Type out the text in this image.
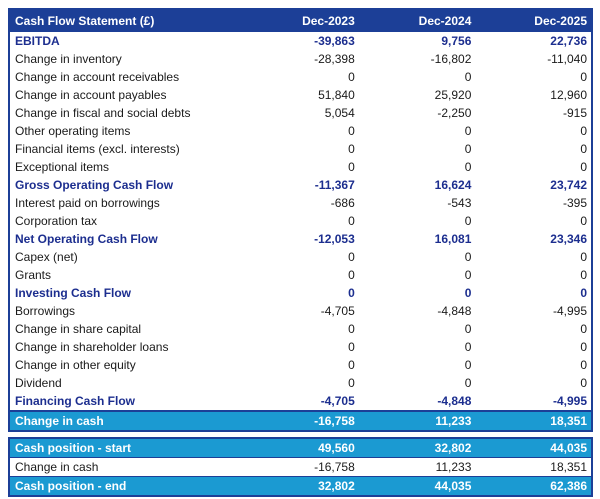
Cash Flow Statement (£)	Dec-2023	Dec-2024	Dec-2025
EBITDA	-39,863	9,756	22,736
Change in inventory	-28,398	-16,802	-11,040
Change in account receivables	0	0	0
Change in account payables	51,840	25,920	12,960
Change in fiscal and social debts	5,054	-2,250	-915
Other operating items	0	0	0
Financial items (excl. interests)	0	0	0
Exceptional items	0	0	0
Gross Operating Cash Flow	-11,367	16,624	23,742
Interest paid on borrowings	-686	-543	-395
Corporation tax	0	0	0
Net Operating Cash Flow	-12,053	16,081	23,346
Capex (net)	0	0	0
Grants	0	0	0
Investing Cash Flow	0	0	0
Borrowings	-4,705	-4,848	-4,995
Change in share capital	0	0	0
Change in shareholder loans	0	0	0
Change in other equity	0	0	0
Dividend	0	0	0
Financing Cash Flow	-4,705	-4,848	-4,995
Change in cash	-16,758	11,233	18,351
Cash position - start	49,560	32,802	44,035
Change in cash	-16,758	11,233	18,351
Cash position - end	32,802	44,035	62,386
